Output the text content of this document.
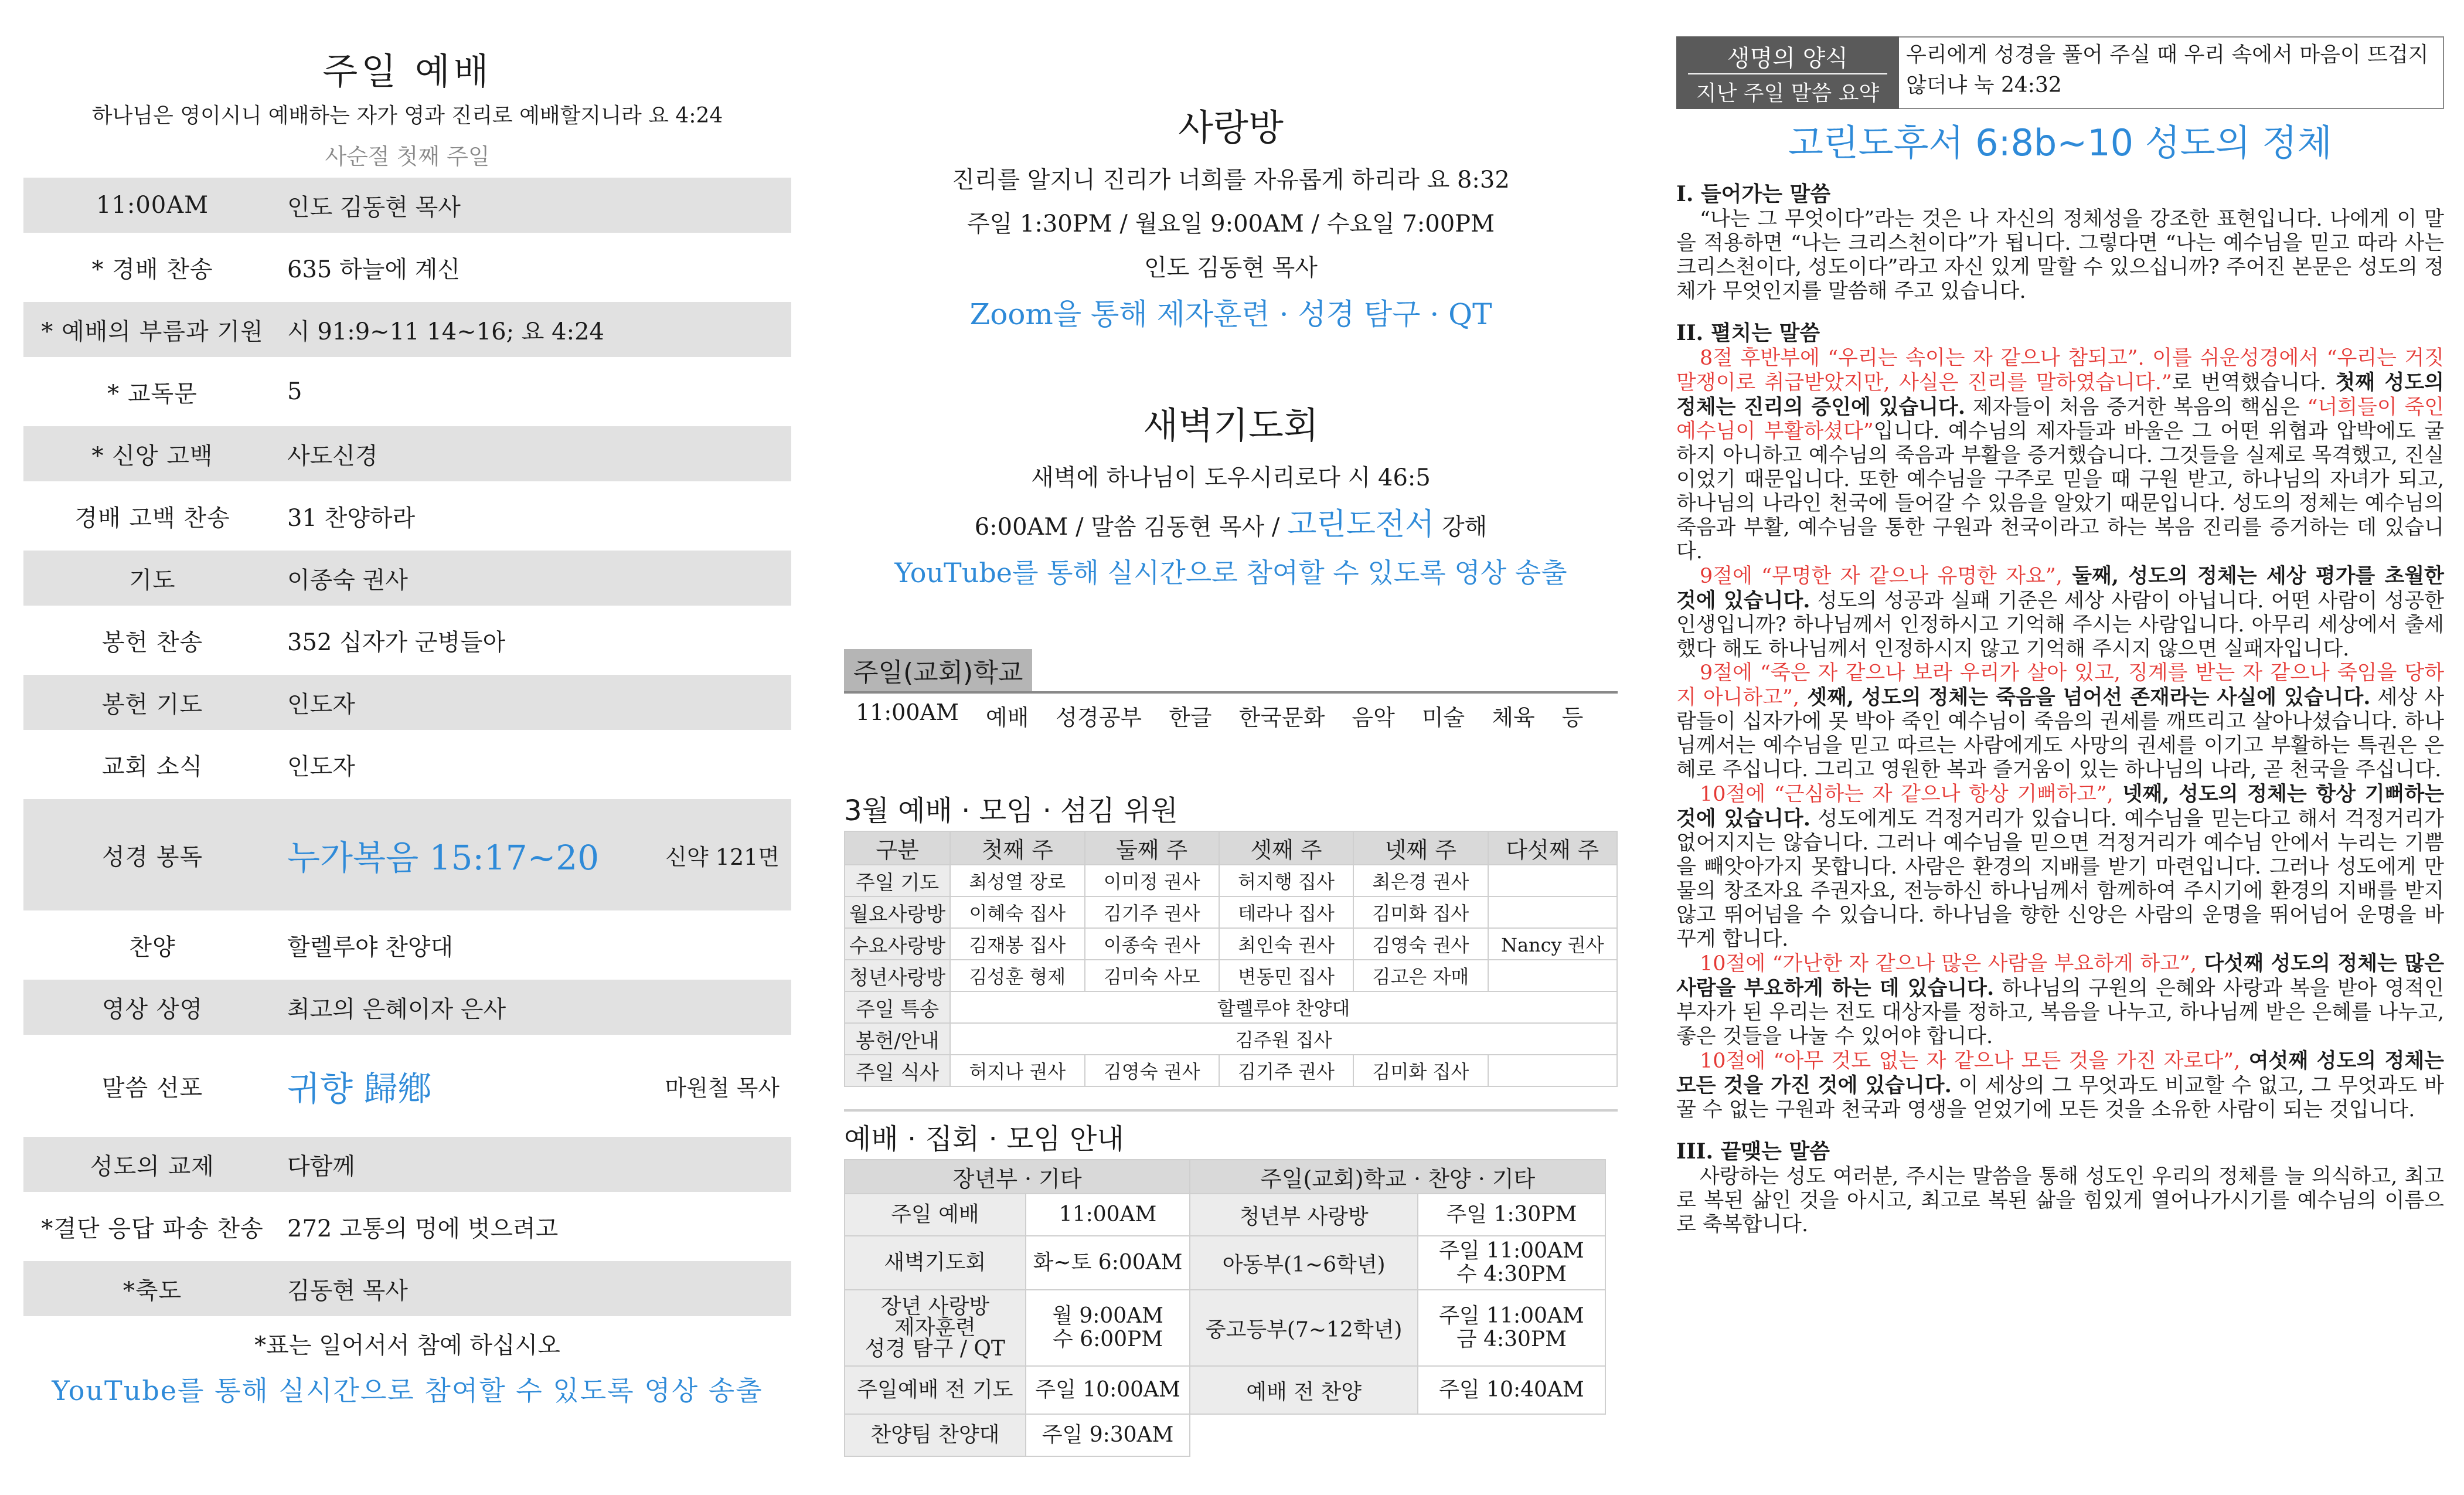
주일 예배
하나님은 영이시니 예배하는 자가 영과 진리로 예배할지니라 요 4:24
사순절 첫째 주일
11:00AM	인도 김동현 목사
* 경배 찬송	635 하늘에 계신
* 예배의 부름과 기원	시 91:9~11 14~16; 요 4:24
* 교독문	5
* 신앙 고백	사도신경
경배 고백 찬송	31 찬양하라
기도	이종숙 권사
봉헌 찬송	352 십자가 군병들아
봉헌 기도	인도자
교회 소식	인도자
성경 봉독	누가복음 15:17~20	신약 121면
찬양	할렐루야 찬양대
영상 상영	최고의 은혜이자 은사
말씀 선포	귀향 歸鄕	마원철 목사
성도의 교제	다함께
*결단 응답 파송 찬송	272 고통의 멍에 벗으려고
*축도	김동현 목사
*표는 일어서서 참예 하십시오
YouTube를 통해 실시간으로 참여할 수 있도록 영상 송출
사랑방
진리를 알지니 진리가 너희를 자유롭게 하리라 요 8:32
주일 1:30PM / 월요일 9:00AM / 수요일 7:00PM
인도 김동현 목사
Zoom을 통해 제자훈련 · 성경 탐구 · QT
새벽기도회
새벽에 하나님이 도우시리로다 시 46:5
6:00AM / 말씀 김동현 목사 / 고린도전서 강해
YouTube를 통해 실시간으로 참여할 수 있도록 영상 송출
주일(교회)학교
11:00AM 예배 성경공부 한글 한국문화 음악 미술 체육 등
3월 예배 · 모임 · 섬김 위원
구분	첫째 주	둘째 주	셋째 주	넷째 주	다섯째 주
주일 기도	최성열 장로	이미정 권사	허지행 집사	최은경 권사	
월요사랑방	이혜숙 집사	김기주 권사	테라나 집사	김미화 집사	
수요사랑방	김재봉 집사	이종숙 권사	최인숙 권사	김영숙 권사	Nancy 권사
청년사랑방	김성훈 형제	김미숙 사모	변동민 집사	김고은 자매	
주일 특송	할렐루야 찬양대				
봉헌/안내	김주원 집사				
주일 식사	허지나 권사	김영숙 권사	김기주 권사	김미화 집사	
예배 · 집회 · 모임 안내
장년부 · 기타		주일(교회)학교 · 찬양 · 기타	
주일 예배	11:00AM	청년부 사랑방	주일 1:30PM
새벽기도회	화~토 6:00AM	아동부(1~6학년)	주일 11:00AM
수 4:30PM
장년 사랑방
제자훈련
성경 탐구 / QT	월 9:00AM
수 6:00PM	중고등부(7~12학년)	주일 11:00AM
금 4:30PM
주일예배 전 기도	주일 10:00AM	예배 전 찬양	주일 10:40AM
찬양팀 찬양대	주일 9:30AM		
생명의 양식
지난 주일 말씀 요약
우리에게 성경을 풀어 주실 때 우리 속에서 마음이 뜨겁지 않더냐 눅 24:32
고린도후서 6:8b~10 성도의 정체
I. 들어가는 말씀
“나는 그 무엇이다”라는 것은 나 자신의 정체성을 강조한 표현입니다. 나에게 이 말을 적용하면 “나는 크리스천이다”가 됩니다. 그렇다면 “나는 예수님을 믿고 따라 사는 크리스천이다, 성도이다”라고 자신 있게 말할 수 있으십니까? 주어진 본문은 성도의 정체가 무엇인지를 말씀해 주고 있습니다.
II. 펼치는 말씀
8절 후반부에 “우리는 속이는 자 같으나 참되고”. 이를 쉬운성경에서 “우리는 거짓말쟁이로 취급받았지만, 사실은 진리를 말하였습니다.”로 번역했습니다. 첫째 성도의 정체는 진리의 증인에 있습니다. 제자들이 처음 증거한 복음의 핵심은 “너희들이 죽인 예수님이 부활하셨다”입니다. 예수님의 제자들과 바울은 그 어떤 위협과 압박에도 굴하지 아니하고 예수님의 죽음과 부활을 증거했습니다. 그것들을 실제로 목격했고, 진실이었기 때문입니다. 또한 예수님을 구주로 믿을 때 구원 받고, 하나님의 자녀가 되고, 하나님의 나라인 천국에 들어갈 수 있음을 알았기 때문입니다. 성도의 정체는 예수님의 죽음과 부활, 예수님을 통한 구원과 천국이라고 하는 복음 진리를 증거하는 데 있습니다.
9절에 “무명한 자 같으나 유명한 자요”, 둘째, 성도의 정체는 세상 평가를 초월한 것에 있습니다. 성도의 성공과 실패 기준은 세상 사람이 아닙니다. 어떤 사람이 성공한 인생입니까? 하나님께서 인정하시고 기억해 주시는 사람입니다. 아무리 세상에서 출세했다 해도 하나님께서 인정하시지 않고 기억해 주시지 않으면 실패자입니다.
9절에 “죽은 자 같으나 보라 우리가 살아 있고, 징계를 받는 자 같으나 죽임을 당하지 아니하고”, 셋째, 성도의 정체는 죽음을 넘어선 존재라는 사실에 있습니다. 세상 사람들이 십자가에 못 박아 죽인 예수님이 죽음의 권세를 깨뜨리고 살아나셨습니다. 하나님께서는 예수님을 믿고 따르는 사람에게도 사망의 권세를 이기고 부활하는 특권은 은혜로 주십니다. 그리고 영원한 복과 즐거움이 있는 하나님의 나라, 곧 천국을 주십니다.
10절에 “근심하는 자 같으나 항상 기뻐하고”, 넷째, 성도의 정체는 항상 기뻐하는 것에 있습니다. 성도에게도 걱정거리가 있습니다. 예수님을 믿는다고 해서 걱정거리가 없어지지는 않습니다. 그러나 예수님을 믿으면 걱정거리가 예수님 안에서 누리는 기쁨을 빼앗아가지 못합니다. 사람은 환경의 지배를 받기 마련입니다. 그러나 성도에게 만물의 창조자요 주권자요, 전능하신 하나님께서 함께하여 주시기에 환경의 지배를 받지 않고 뛰어넘을 수 있습니다. 하나님을 향한 신앙은 사람의 운명을 뛰어넘어 운명을 바꾸게 합니다.
10절에 “가난한 자 같으나 많은 사람을 부요하게 하고”, 다섯째 성도의 정체는 많은 사람을 부요하게 하는 데 있습니다. 하나님의 구원의 은혜와 사랑과 복을 받아 영적인 부자가 된 우리는 전도 대상자를 정하고, 복음을 나누고, 하나님께 받은 은혜를 나누고, 좋은 것들을 나눌 수 있어야 합니다.
10절에 “아무 것도 없는 자 같으나 모든 것을 가진 자로다”, 여섯째 성도의 정체는 모든 것을 가진 것에 있습니다. 이 세상의 그 무엇과도 비교할 수 없고, 그 무엇과도 바꿀 수 없는 구원과 천국과 영생을 얻었기에 모든 것을 소유한 사람이 되는 것입니다.
III. 끝맺는 말씀
사랑하는 성도 여러분, 주시는 말씀을 통해 성도인 우리의 정체를 늘 의식하고, 최고로 복된 삶인 것을 아시고, 최고로 복된 삶을 힘있게 열어나가시기를 예수님의 이름으로 축복합니다.
